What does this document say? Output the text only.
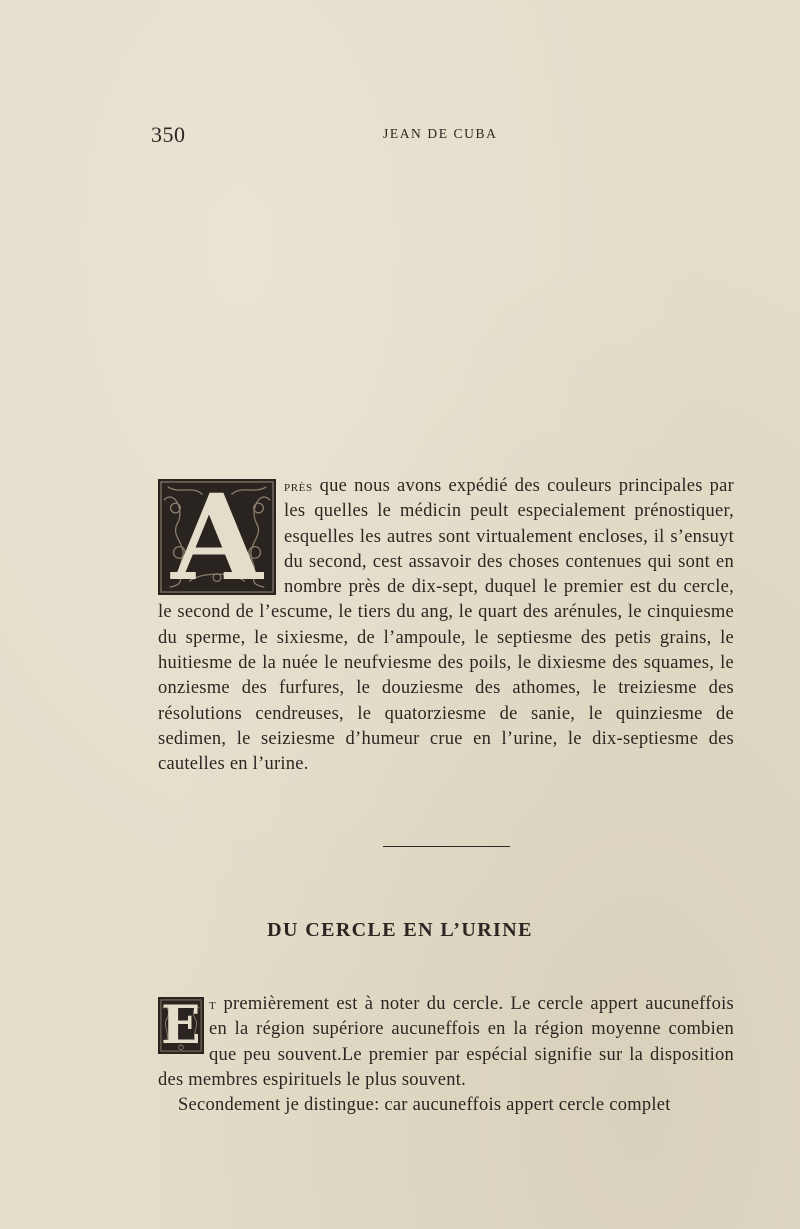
350	JEAN DE CUBA
A	près que nous avons expédié des couleurs principales par les quelles le médicin peult especialement prénostiquer, esquelles les autres sont virtualement encloses, il s’ensuyt du second, cest assavoir des choses contenues qui sont en nombre près de dix-sept, duquel le premier est du cercle, le second de l’escume, le tiers du ang, le quart des arénules, le cinquiesme du sperme, le sixiesme, de l’ampoule, le septiesme des petis grains, le huitiesme de la nuée le neufviesme des poils, le dixiesme des squames, le onziesme des furfures, le douziesme des athomes, le treiziesme des résolutions cendreuses, le quatorziesme de sanie, le quinziesme de sedimen, le seiziesme d’humeur crue en l’urine, le dix-septiesme des cautelles en l’urine.
DU CERCLE EN L’URINE
E t premièrement est à noter du cercle. Le cercle appert aucuneffois en la région supériore aucuneffois en la région moyenne combien que peu souvent.Le premier par espécial signifie sur la disposition des membres espirituels le plus souvent.
Secondement je distingue: car aucuneffois appert cercle complet
